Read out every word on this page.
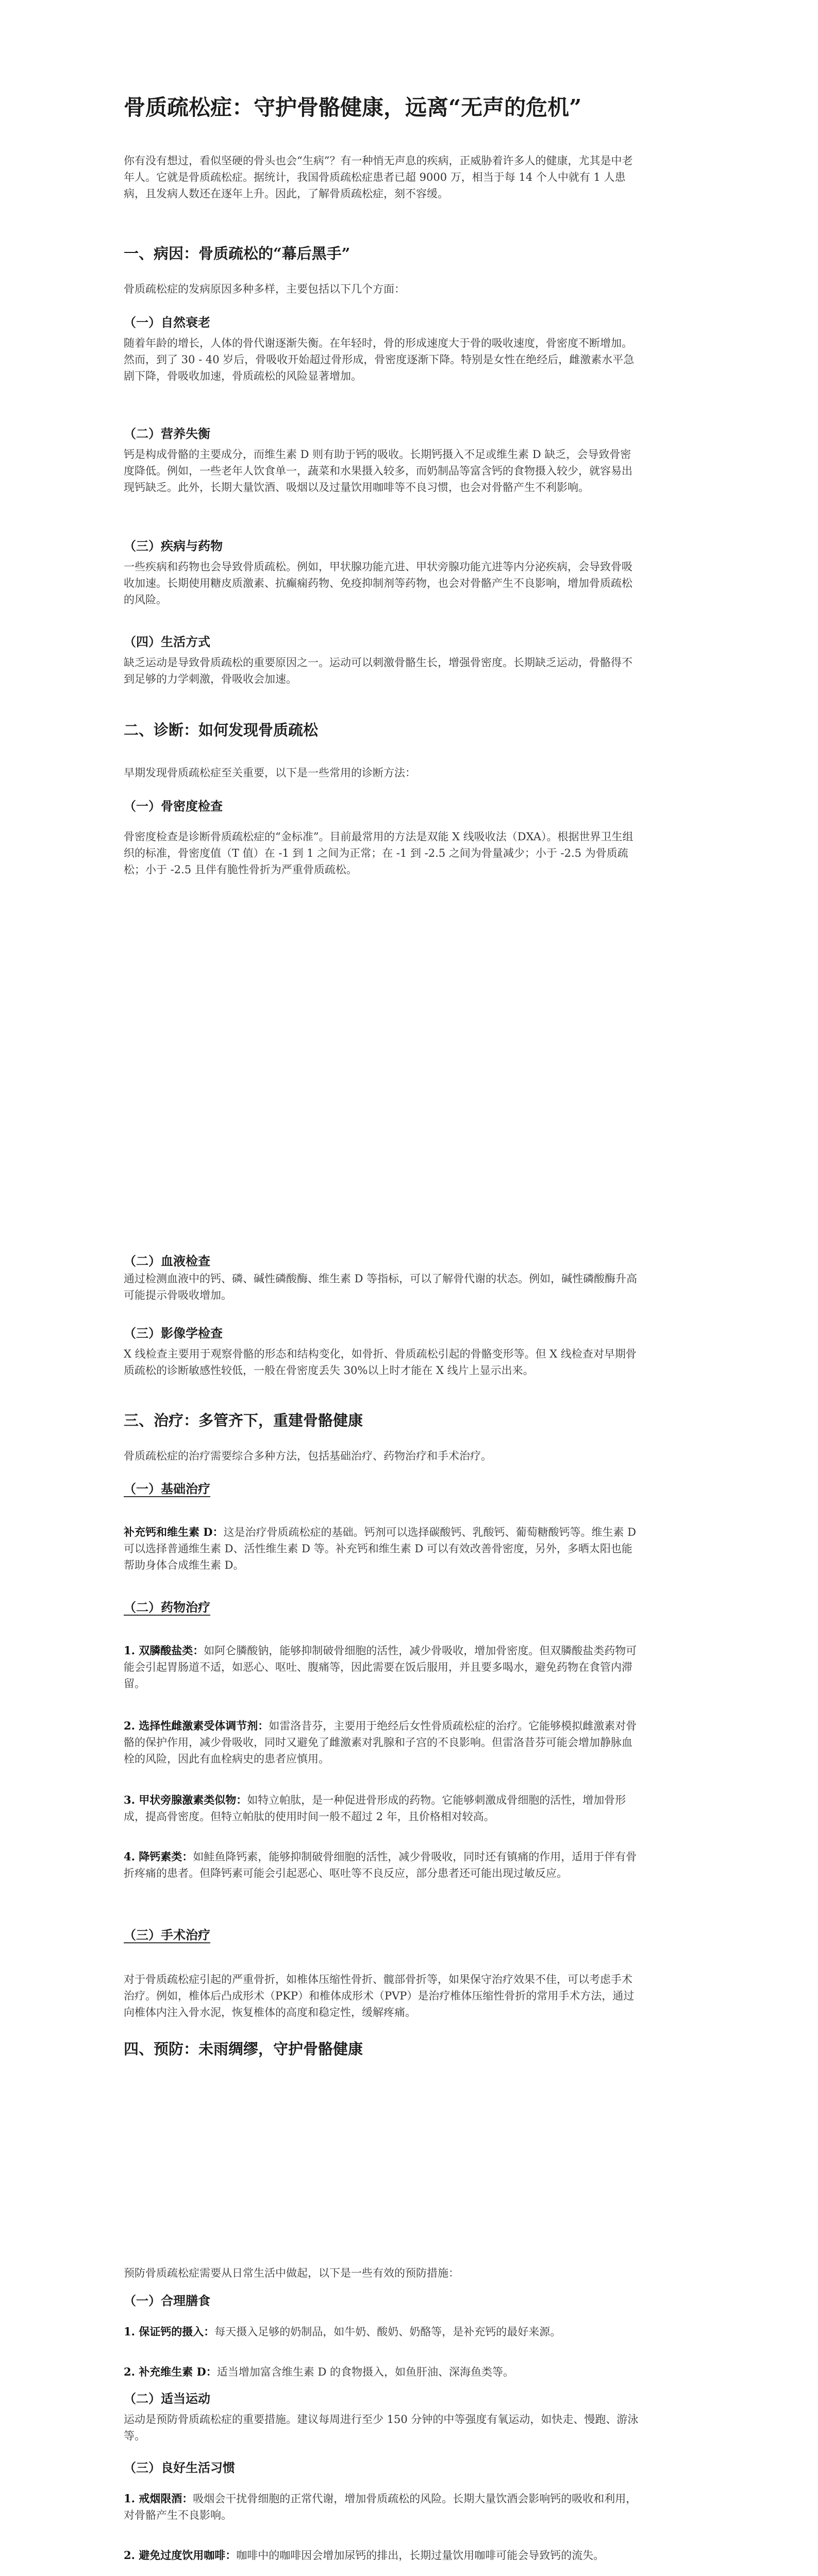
骨质疏松症：守护骨骼健康，远离“无声的危机”

你有没有想过，看似坚硬的骨头也会“生病”？有一种悄无声息的疾病，正威胁着许多人的健康，尤其是中老年人。它就是骨质疏松症。据统计，我国骨质疏松症患者已超 9000 万，相当于每 14 个人中就有 1 人患病，且发病人数还在逐年上升。因此，了解骨质疏松症，刻不容缓。

一、病因：骨质疏松的“幕后黑手”

骨质疏松症的发病原因多种多样，主要包括以下几个方面：

（一）自然衰老

随着年龄的增长，人体的骨代谢逐渐失衡。在年轻时，骨的形成速度大于骨的吸收速度，骨密度不断增加。然而，到了 30 - 40 岁后，骨吸收开始超过骨形成，骨密度逐渐下降。特别是女性在绝经后，雌激素水平急剧下降，骨吸收加速，骨质疏松的风险显著增加。

（二）营养失衡

钙是构成骨骼的主要成分，而维生素 D 则有助于钙的吸收。长期钙摄入不足或维生素 D 缺乏，会导致骨密度降低。例如，一些老年人饮食单一，蔬菜和水果摄入较多，而奶制品等富含钙的食物摄入较少，就容易出现钙缺乏。此外，长期大量饮酒、吸烟以及过量饮用咖啡等不良习惯，也会对骨骼产生不利影响。

（三）疾病与药物

一些疾病和药物也会导致骨质疏松。例如，甲状腺功能亢进、甲状旁腺功能亢进等内分泌疾病，会导致骨吸收加速。长期使用糖皮质激素、抗癫痫药物、免疫抑制剂等药物，也会对骨骼产生不良影响，增加骨质疏松的风险。

（四）生活方式

缺乏运动是导致骨质疏松的重要原因之一。运动可以刺激骨骼生长，增强骨密度。长期缺乏运动，骨骼得不到足够的力学刺激，骨吸收会加速。

二、诊断：如何发现骨质疏松

早期发现骨质疏松症至关重要，以下是一些常用的诊断方法：

（一）骨密度检查

骨密度检查是诊断骨质疏松症的“金标准”。目前最常用的方法是双能 X 线吸收法（DXA）。根据世界卫生组织的标准，骨密度值（T 值）在 -1 到 1 之间为正常；在 -1 到 -2.5 之间为骨量减少；小于 -2.5 为骨质疏松；小于 -2.5 且伴有脆性骨折为严重骨质疏松。

（二）血液检查

通过检测血液中的钙、磷、碱性磷酸酶、维生素 D 等指标，可以了解骨代谢的状态。例如，碱性磷酸酶升高可能提示骨吸收增加。

（三）影像学检查

X 线检查主要用于观察骨骼的形态和结构变化，如骨折、骨质疏松引起的骨骼变形等。但 X 线检查对早期骨质疏松的诊断敏感性较低，一般在骨密度丢失 30%以上时才能在 X 线片上显示出来。

三、治疗：多管齐下，重建骨骼健康

骨质疏松症的治疗需要综合多种方法，包括基础治疗、药物治疗和手术治疗。

（一）基础治疗

补充钙和维生素 D：这是治疗骨质疏松症的基础。钙剂可以选择碳酸钙、乳酸钙、葡萄糖酸钙等。维生素 D 可以选择普通维生素 D、活性维生素 D 等。补充钙和维生素 D 可以有效改善骨密度，另外，多晒太阳也能帮助身体合成维生素 D。

（二）药物治疗

1. 双膦酸盐类：如阿仑膦酸钠，能够抑制破骨细胞的活性，减少骨吸收，增加骨密度。但双膦酸盐类药物可能会引起胃肠道不适，如恶心、呕吐、腹痛等，因此需要在饭后服用，并且要多喝水，避免药物在食管内滞留。

2. 选择性雌激素受体调节剂：如雷洛昔芬，主要用于绝经后女性骨质疏松症的治疗。它能够模拟雌激素对骨骼的保护作用，减少骨吸收，同时又避免了雌激素对乳腺和子宫的不良影响。但雷洛昔芬可能会增加静脉血栓的风险，因此有血栓病史的患者应慎用。

3. 甲状旁腺激素类似物：如特立帕肽，是一种促进骨形成的药物。它能够刺激成骨细胞的活性，增加骨形成，提高骨密度。但特立帕肽的使用时间一般不超过 2 年，且价格相对较高。

4. 降钙素类：如鲑鱼降钙素，能够抑制破骨细胞的活性，减少骨吸收，同时还有镇痛的作用，适用于伴有骨折疼痛的患者。但降钙素可能会引起恶心、呕吐等不良反应，部分患者还可能出现过敏反应。

（三）手术治疗

对于骨质疏松症引起的严重骨折，如椎体压缩性骨折、髋部骨折等，如果保守治疗效果不佳，可以考虑手术治疗。例如，椎体后凸成形术（PKP）和椎体成形术（PVP）是治疗椎体压缩性骨折的常用手术方法，通过向椎体内注入骨水泥，恢复椎体的高度和稳定性，缓解疼痛。

四、预防：未雨绸缪，守护骨骼健康

预防骨质疏松症需要从日常生活中做起，以下是一些有效的预防措施：

（一）合理膳食

1. 保证钙的摄入：每天摄入足够的奶制品，如牛奶、酸奶、奶酪等，是补充钙的最好来源。

2. 补充维生素 D：适当增加富含维生素 D 的食物摄入，如鱼肝油、深海鱼类等。

（二）适当运动

运动是预防骨质疏松症的重要措施。建议每周进行至少 150 分钟的中等强度有氧运动，如快走、慢跑、游泳等。

（三）良好生活习惯

1. 戒烟限酒：吸烟会干扰骨细胞的正常代谢，增加骨质疏松的风险。长期大量饮酒会影响钙的吸收和利用，对骨骼产生不良影响。

2. 避免过度饮用咖啡：咖啡中的咖啡因会增加尿钙的排出，长期过量饮用咖啡可能会导致钙的流失。
